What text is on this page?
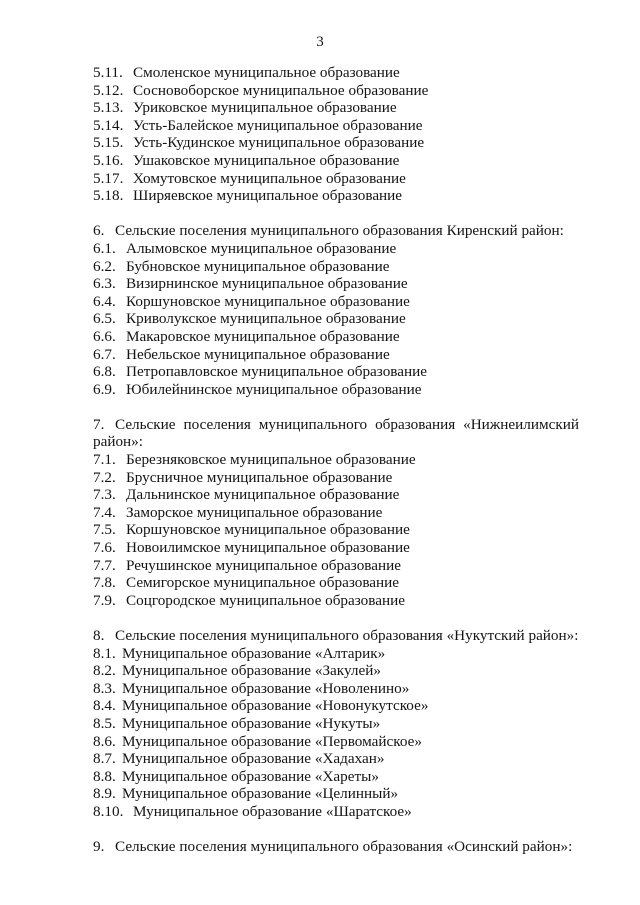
3
5.11. Смоленское муниципальное образование
5.12. Сосновоборское муниципальное образование
5.13. Уриковское муниципальное образование
5.14. Усть-Балейское муниципальное образование
5.15. Усть-Кудинское муниципальное образование
5.16. Ушаковское муниципальное образование
5.17. Хомутовское муниципальное образование
5.18. Ширяевское муниципальное образование
6. Сельские поселения муниципального образования Киренский район:
6.1. Алымовское муниципальное образование
6.2. Бубновское муниципальное образование
6.3. Визирнинское муниципальное образование
6.4. Коршуновское муниципальное образование
6.5. Криволукское муниципальное образование
6.6. Макаровское муниципальное образование
6.7. Небельское муниципальное образование
6.8. Петропавловское муниципальное образование
6.9. Юбилейнинское муниципальное образование
7. Сельские поселения муниципального образования «Нижнеилимский
район»:
7.1. Березняковское муниципальное образование
7.2. Брусничное муниципальное образование
7.3. Дальнинское муниципальное образование
7.4. Заморское муниципальное образование
7.5. Коршуновское муниципальное образование
7.6. Новоилимское муниципальное образование
7.7. Речушинское муниципальное образование
7.8. Семигорское муниципальное образование
7.9. Соцгородское муниципальное образование
8. Сельские поселения муниципального образования «Нукутский район»:
8.1. Муниципальное образование «Алтарик»
8.2. Муниципальное образование «Закулей»
8.3. Муниципальное образование «Новоленино»
8.4. Муниципальное образование «Новонукутское»
8.5. Муниципальное образование «Нукуты»
8.6. Муниципальное образование «Первомайское»
8.7. Муниципальное образование «Хадахан»
8.8. Муниципальное образование «Хареты»
8.9. Муниципальное образование «Целинный»
8.10. Муниципальное образование «Шаратское»
9. Сельские поселения муниципального образования «Осинский район»:
